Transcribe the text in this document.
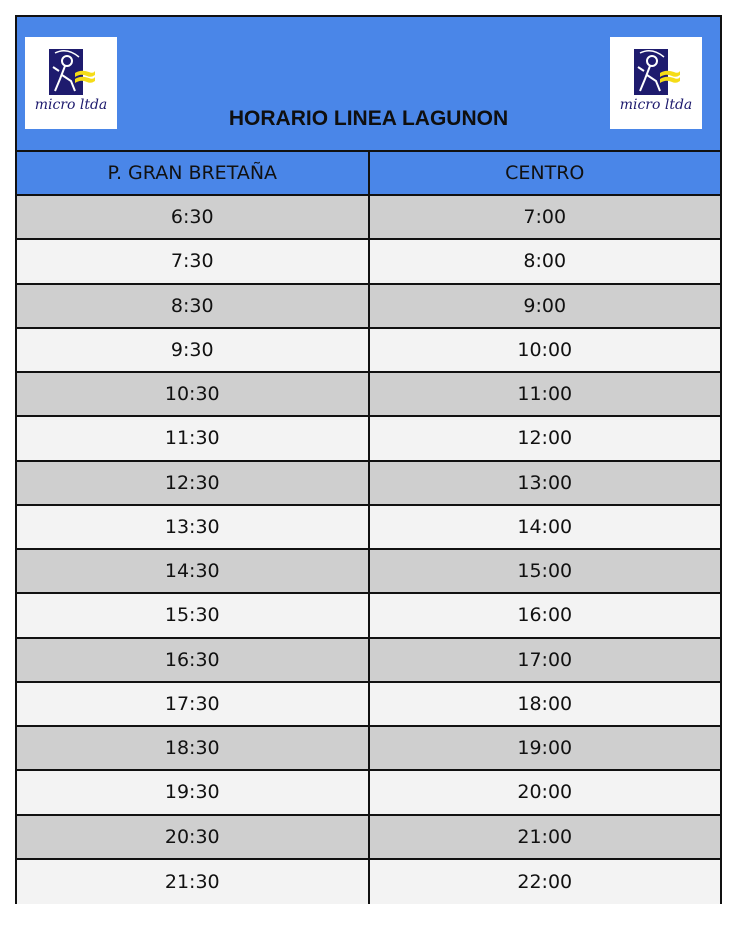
micro ltda
HORARIO LINEA LAGUNON
micro ltda
P. GRAN BRETAÑA	CENTRO
6:30	7:00
7:30	8:00
8:30	9:00
9:30	10:00
10:30	11:00
11:30	12:00
12:30	13:00
13:30	14:00
14:30	15:00
15:30	16:00
16:30	17:00
17:30	18:00
18:30	19:00
19:30	20:00
20:30	21:00
21:30	22:00
